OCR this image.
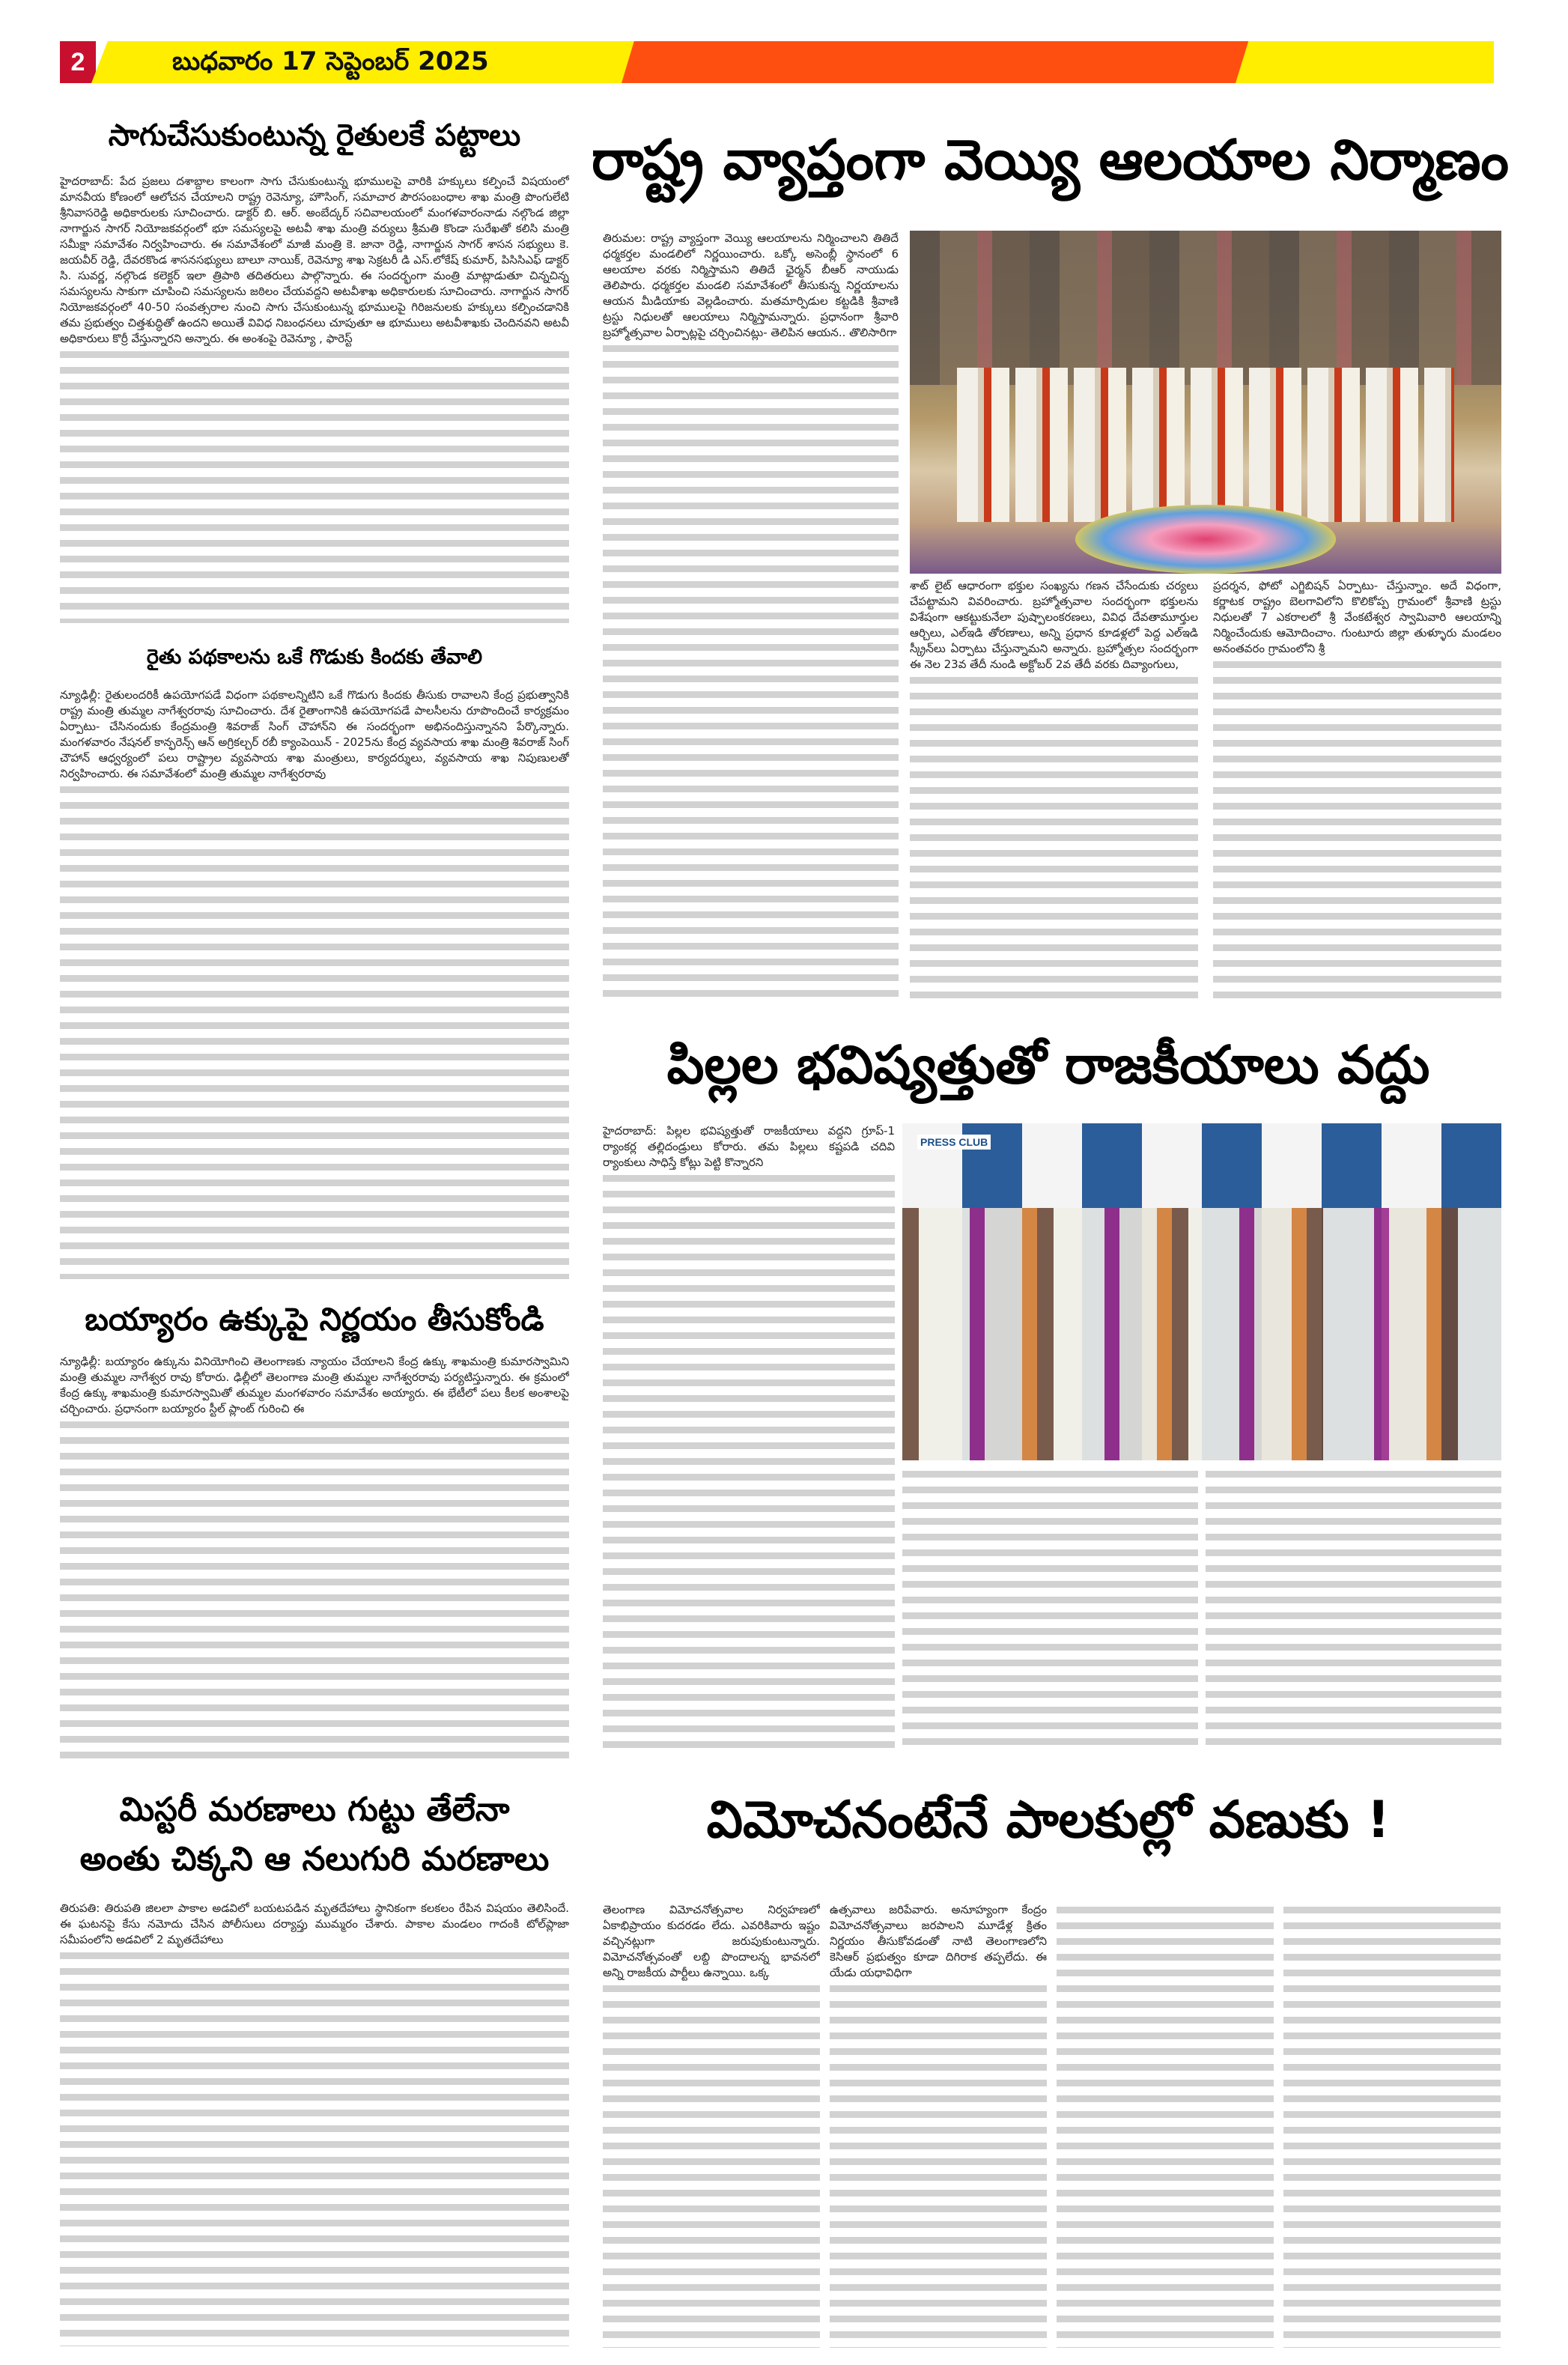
2	బుధవారం 17 సెప్టెంబర్ 2025
సాగుచేసుకుంటున్న రైతులకే పట్టాలు

హైదరాబాద్: పేద ప్రజలు దశాబ్దాల కాలంగా సాగు చేసుకుంటున్న భూములపై వారికి హక్కులు కల్పించే విషయంలో మానవీయ కోణంలో ఆలోచన చేయాలని రాష్ట్ర రెవెన్యూ, హౌసింగ్, సమాచార పౌరసంబంధాల శాఖ మంత్రి పొంగులేటి శ్రీనివాసరెడ్డి అధికారులకు సూచించారు. డాక్టర్ బి. ఆర్. అంబేద్కర్ సచివాలయంలో మంగళవారంనాడు నల్గొండ జిల్లా నాగార్జున సాగర్ నియోజకవర్గంలో భూ సమస్యలపై అటవీ శాఖ మంత్రి వర్యులు శ్రీమతి కొండా సురేఖతో కలిసి మంత్రి సమీక్షా సమావేశం నిర్వహించారు. ఈ సమావేశంలో మాజీ మంత్రి కె. జానా రెడ్డి, నాగార్జున సాగర్ శాసన సభ్యులు కె. జయవీర్ రెడ్డి, దేవరకొండ శాసనసభ్యులు బాలూ నాయిక్, రెవెన్యూ శాఖ సెక్రటరీ డి ఎస్.లోకేష్ కుమార్, పిసిసిఎఫ్ డాక్టర్ సి. సువర్ణ, నల్గొండ కలెక్టర్ ఇలా త్రిపాఠి తదితరులు పాల్గొన్నారు. ఈ సందర్భంగా మంత్రి మాట్లాడుతూ చిన్నచిన్న సమస్యలను సాకుగా చూపించి సమస్యలను జఠిలం చేయవద్దని అటవీశాఖ అధికారులకు సూచించారు. నాగార్జున సాగర్ నియోజకవర్గంలో 40-50 సంవత్సరాల నుంచి సాగు చేసుకుంటున్న భూములపై గిరిజనులకు హక్కులు కల్పించడానికి తమ ప్రభుత్వం చిత్తశుద్ధితో ఉందని అయితే వివిధ నిబంధనలు చూపుతూ ఆ భూములు అటవీశాఖకు చెందినవని అటవీ అధికారులు కొర్రీ వేస్తున్నారని అన్నారు. ఈ అంశంపై రెవెన్యూ , ఫారెస్ట్

రైతు పథకాలను ఒకే గొడుకు కిందకు తేవాలి

న్యూఢిల్లీ: రైతులందరికీ ఉపయోగపడే విధంగా పథకాలన్నిటిని ఒకే గొడుగు కిందకు తీసుకు రావాలని కేంద్ర ప్రభుత్వానికి రాష్ట్ర మంత్రి తుమ్మల నాగేశ్వరరావు సూచించారు. దేశ రైతాంగానికి ఉపయోగపడే పాలసీలను రూపొందించే కార్యక్రమం ఏర్పాటు- చేసినందుకు కేంద్రమంత్రి శివరాజ్ సింగ్ చౌహాన్‌ని ఈ సందర్భంగా అభినందిస్తున్నానని పేర్కొన్నారు. మంగళవారం నేషనల్ కాన్ఫరెన్స్ ఆన్ అగ్రికల్చర్ రబీ క్యాంపెయిన్ - 2025ను కేంద్ర వ్యవసాయ శాఖ మంత్రి శివరాజ్ సింగ్ చౌహాన్ ఆధ్వర్యంలో పలు రాష్ట్రాల వ్యవసాయ శాఖ మంత్రులు, కార్యదర్శులు, వ్యవసాయ శాఖ నిపుణులతో నిర్వహించారు. ఈ సమావేశంలో మంత్రి తుమ్మల నాగేశ్వరరావు

బయ్యారం ఉక్కుపై నిర్ణయం తీసుకోండి

న్యూఢిల్లీ: బయ్యారం ఉక్కును వినియోగించి తెలంగాణకు న్యాయం చేయాలని కేంద్ర ఉక్కు శాఖమంత్రి కుమారస్వామిని మంత్రి తుమ్మల నాగేశ్వర రావు కోరారు. ఢిల్లీలో తెలంగాణ మంత్రి తుమ్మల నాగేశ్వరరావు పర్యటిస్తున్నారు. ఈ క్రమంలో కేంద్ర ఉక్కు శాఖమంత్రి కుమారస్వామితో తుమ్మల మంగళవారం సమావేశం అయ్యారు. ఈ భేటీలో పలు కీలక అంశాలపై చర్చించారు. ప్రధానంగా బయ్యారం స్టీల్ ప్లాంట్ గురించి ఈ

మిస్టరీ మరణాలు గుట్టు తేలేనా
అంతు చిక్కని ఆ నలుగురి మరణాలు

తిరుపతి: తిరుపతి జిలలా పాకాల అడవిలో బయటపడిన మృతదేహాలు స్థానికంగా కలకలం రేపిన విషయం తెలిసిందే. ఈ ఘటనపై కేసు నమోదు చేసిన పోలీసులు దర్యాప్తు ముమ్మరం చేశారు. పాకాల మండలం గాదంకి టోల్‌ప్లాజా సమీపంలోని అడవిలో 2 మృతదేహాలు

రాష్ట్ర వ్యాప్తంగా వెయ్యి ఆలయాల నిర్మాణం

తిరుమల: రాష్ట్ర వ్యాప్తంగా వెయ్యి ఆలయాలను నిర్మించాలని తితిదే ధర్మకర్తల మండలిలో నిర్ణయించారు. ఒక్కో అసెంబ్లీ స్థానంలో 6 ఆలయాల వరకు నిర్మిస్తామని తితిదే ఛైర్మన్ బీఆర్ నాయుడు తెలిపారు. ధర్మకర్తల మండలి సమావేశంలో తీసుకున్న నిర్ణయాలను ఆయన మీడియాకు వెల్లడించారు. మతమార్పిడుల కట్టడికి శ్రీవాణి ట్రస్టు నిధులతో ఆలయాలు నిర్మిస్తామన్నారు. ప్రధానంగా శ్రీవారి బ్రహ్మోత్సవాల ఏర్పాట్లపై చర్చించినట్లు- తెలిపిన ఆయన.. తొలిసారిగా

శాట్ లైట్ ఆధారంగా భక్తుల సంఖ్యను గణన చేసేందుకు చర్యలు చేపట్టామని వివరించారు. బ్రహ్మోత్సవాల సందర్భంగా భక్తులను విశేషంగా ఆకట్టుకునేలా పుష్పాలంకరణలు, వివిధ దేవతామూర్తుల ఆర్చిలు, ఎల్ఇడి తోరణాలు, అన్ని ప్రధాన కూడళ్లలో పెద్ద ఎల్ఇడి స్క్రీన్‌లు ఏర్పాటు చేస్తున్నామని అన్నారు. బ్రహ్మోత్సల సందర్భంగా ఈ నెల 23వ తేదీ నుండి అక్టోబర్ 2వ తేదీ వరకు దివ్యాంగులు,

ప్రదర్శన, ఫోటో ఎగ్జిబిషన్ ఏర్పాటు- చేస్తున్నాం. అదే విధంగా, కర్ణాటక రాష్ట్రం బెలగావిలోని కొలికోప్ప గ్రామంలో శ్రీవాణి ట్రస్టు నిధులతో 7 ఎకరాలలో శ్రీ వేంకటేశ్వర స్వామివారి ఆలయాన్ని నిర్మించేందుకు ఆమోదించాం. గుంటూరు జిల్లా తుళ్ళూరు మండలం అనంతవరం గ్రామంలోని శ్రీ

పిల్లల భవిష్యత్తుతో రాజకీయాలు వద్దు

హైదరాబాద్: పిల్లల భవిష్యత్తుతో రాజకీయాలు వద్దని గ్రూప్-1 ర్యాంకర్ల తల్లిదండ్రులు కోరారు. తమ పిల్లలు కష్టపడి చదివి ర్యాంకులు సాధిస్తే కోట్లు పెట్టి కొన్నారని

PRESS CLUB
విమోచనంటేనే పాలకుల్లో వణుకు !

తెలంగాణ విమోచనోత్సవాల నిర్వహణలో ఏకాభిప్రాయం కుదరడం లేదు. ఎవరికివారు ఇష్టం వచ్చినట్లుగా జరుపుకుంటున్నారు. విమోచనోత్సవంతో లబ్ది పొందాలన్న భావనలో అన్ని రాజకీయ పార్టీలు ఉన్నాయి. ఒక్క

ఉత్సవాలు జరిపేవారు. అనూహ్యంగా కేంద్రం విమోచనోత్సవాలు జరపాలని మూడేళ్ల క్రితం నిర్ణయం తీసుకోవడంతో నాటి తెలంగాణలోని కెసిఆర్ ప్రభుత్వం కూడా దిగిరాక తప్పలేదు. ఈ యేడు యధావిధిగా
